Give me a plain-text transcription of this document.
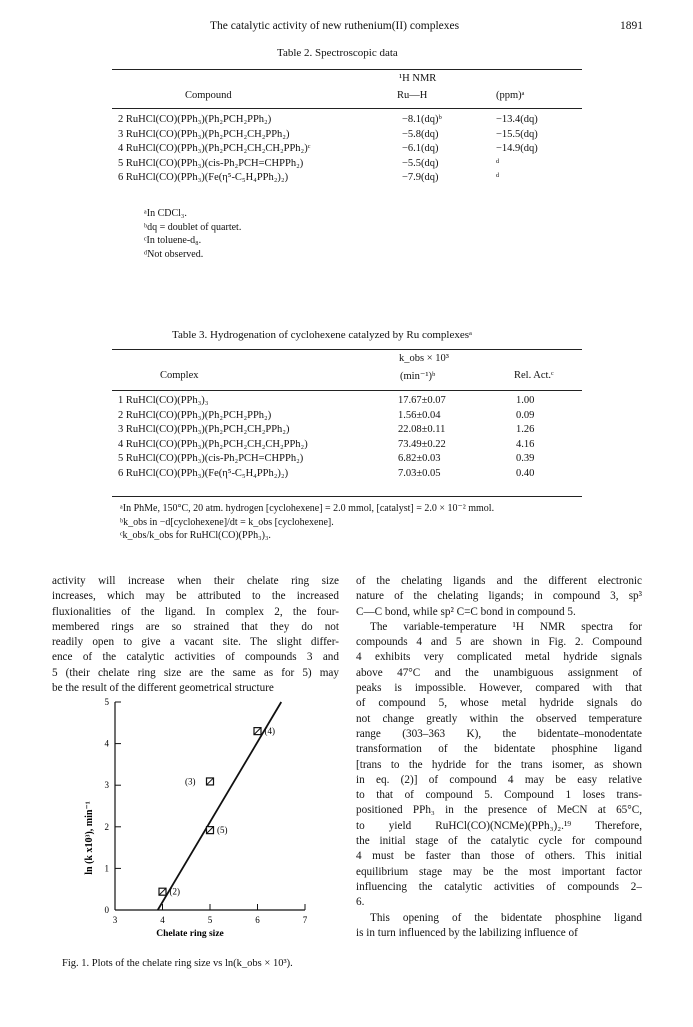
The catalytic activity of new ruthenium(II) complexes	1891
Table 2. Spectroscopic data
¹H NMR
Compound	Ru—H	(ppm)ᵃ
2 RuHCl(CO)(PPh₃)(Ph₂PCH₂PPh₂)	−8.1(dq)ᵇ	−13.4(dq)
3 RuHCl(CO)(PPh₃)(Ph₂PCH₂CH₂PPh₂)	−5.8(dq)	−15.5(dq)
4 RuHCl(CO)(PPh₃)(Ph₂PCH₂CH₂CH₂PPh₂)ᶜ	−6.1(dq)	−14.9(dq)
5 RuHCl(CO)(PPh₃)(cis-Ph₂PCH=CHPPh₂)	−5.5(dq)	ᵈ
6 RuHCl(CO)(PPh₃)(Fe(η⁵-C₅H₄PPh₂)₂)	−7.9(dq)	ᵈ
ᵃIn CDCl₃.
ᵇdq = doublet of quartet.
ᶜIn toluene-d₈.
ᵈNot observed.
Table 3. Hydrogenation of cyclohexene catalyzed by Ru complexesᵃ
k_obs × 10³
Complex	(min⁻¹)ᵇ	Rel. Act.ᶜ
1 RuHCl(CO)(PPh₃)₃	17.67±0.07	1.00
2 RuHCl(CO)(PPh₃)(Ph₂PCH₂PPh₂)	1.56±0.04	0.09
3 RuHCl(CO)(PPh₃)(Ph₂PCH₂CH₂PPh₂)	22.08±0.11	1.26
4 RuHCl(CO)(PPh₃)(Ph₂PCH₂CH₂CH₂PPh₂)	73.49±0.22	4.16
5 RuHCl(CO)(PPh₃)(cis-Ph₂PCH=CHPPh₂)	6.82±0.03	0.39
6 RuHCl(CO)(PPh₃)(Fe(η⁵-C₅H₄PPh₂)₂)	7.03±0.05	0.40
ᵃIn PhMe, 150°C, 20 atm. hydrogen [cyclohexene] = 2.0 mmol, [catalyst] = 2.0 × 10⁻² mmol.
ᵇk_obs in −d[cyclohexene]/dt = k_obs [cyclohexene].
ᶜk_obs/k_obs for RuHCl(CO)(PPh₃)₃.
activity will increase when their chelate ring size
increases, which may be attributed to the increased
fluxionalities of the ligand. In complex 2, the four-
membered rings are so strained that they do not
readily open to give a vacant site. The slight differ-
ence of the catalytic activities of compounds 3 and
5 (their chelate ring size are the same as for 5) may
be the result of the different geometrical structure
of the chelating ligands and the different electronic
nature of the chelating ligands; in compound 3, sp³
C—C bond, while sp² C=C bond in compound 5.
The variable-temperature ¹H NMR spectra for
compounds 4 and 5 are shown in Fig. 2. Compound
4 exhibits very complicated metal hydride signals
above 47°C and the unambiguous assignment of
peaks is impossible. However, compared with that
of compound 5, whose metal hydride signals do
not change greatly within the observed temperature
range (303–363 K), the bidentate–monodentate
transformation of the bidentate phosphine ligand
[trans to the hydride for the trans isomer, as shown
in eq. (2)] of compound 4 may be easy relative
to that of compound 5. Compound 1 loses trans-
positioned PPh₃ in the presence of MeCN at 65°C,
to yield RuHCl(CO)(NCMe)(PPh₃)₂.¹⁹ Therefore,
the initial stage of the catalytic cycle for compound
4 must be faster than those of others. This initial
equilibrium stage may be the most important factor
influencing the catalytic activities of compounds 2–
6.
This opening of the bidentate phosphine ligand
is in turn influenced by the labilizing influence of
0
1
2
3
4
5
3	4	5	6	7
(2)
(3)
(5)
(4)
ln (k x10³), min⁻¹
Chelate ring size
Fig. 1. Plots of the chelate ring size vs ln(k_obs × 10³).
